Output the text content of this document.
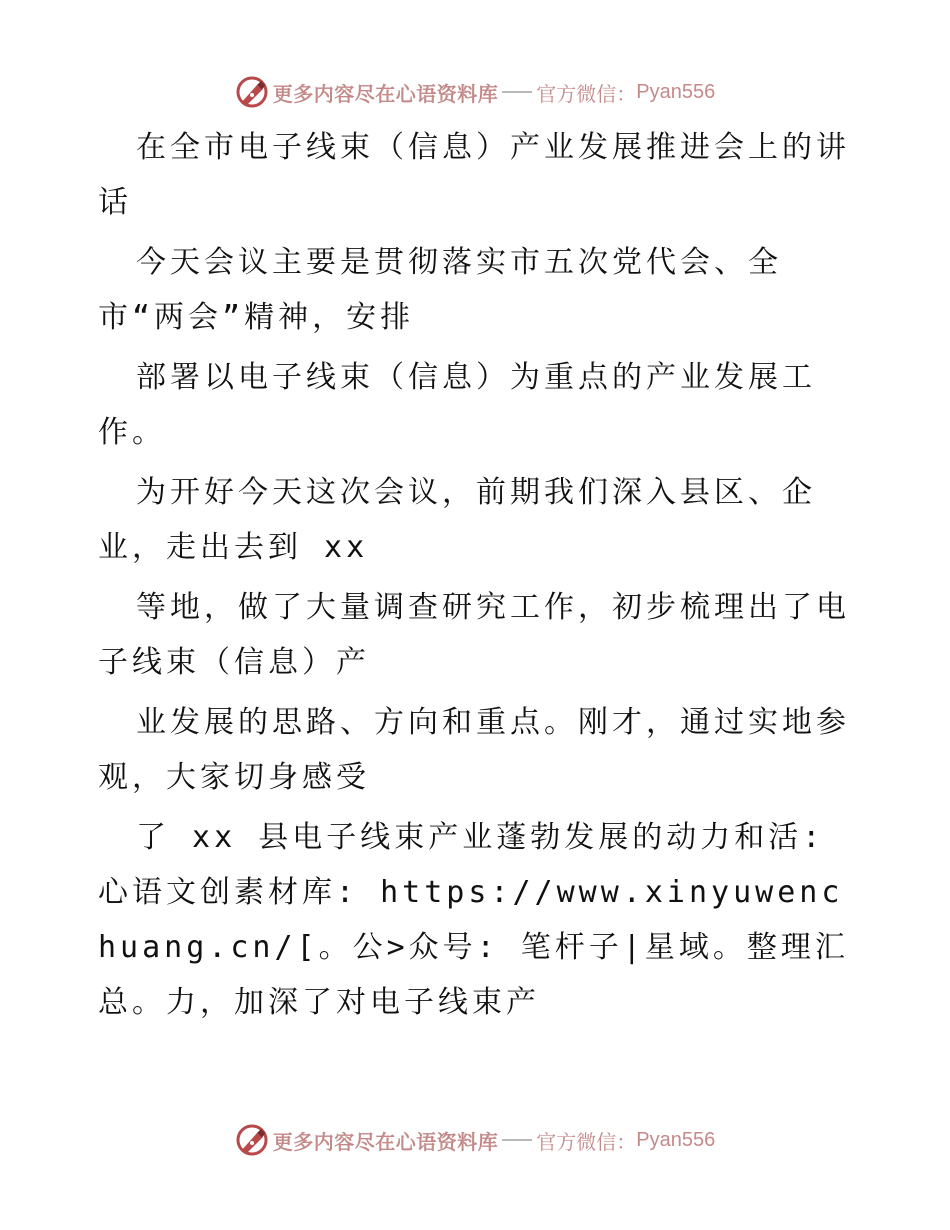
更多内容尽在心语资料库 官方微信： Pyan556

在全市电子线束（信息）产业发展推进会上的讲话

今天会议主要是贯彻落实市五次党代会、全市“两会”精神，安排

部署以电子线束（信息）为重点的产业发展工作。

为开好今天这次会议，前期我们深入县区、企业，走出去到 xx

等地，做了大量调查研究工作，初步梳理出了电子线束（信息）产

业发展的思路、方向和重点。刚才，通过实地参观，大家切身感受

了 xx 县电子线束产业蓬勃发展的动力和活:心语文创素材库: https://www.xinyuwenchuang.cn/[。公>众号: 笔杆子|星域。整理汇总。力，加深了对电子线束产

更多内容尽在心语资料库 官方微信： Pyan556
